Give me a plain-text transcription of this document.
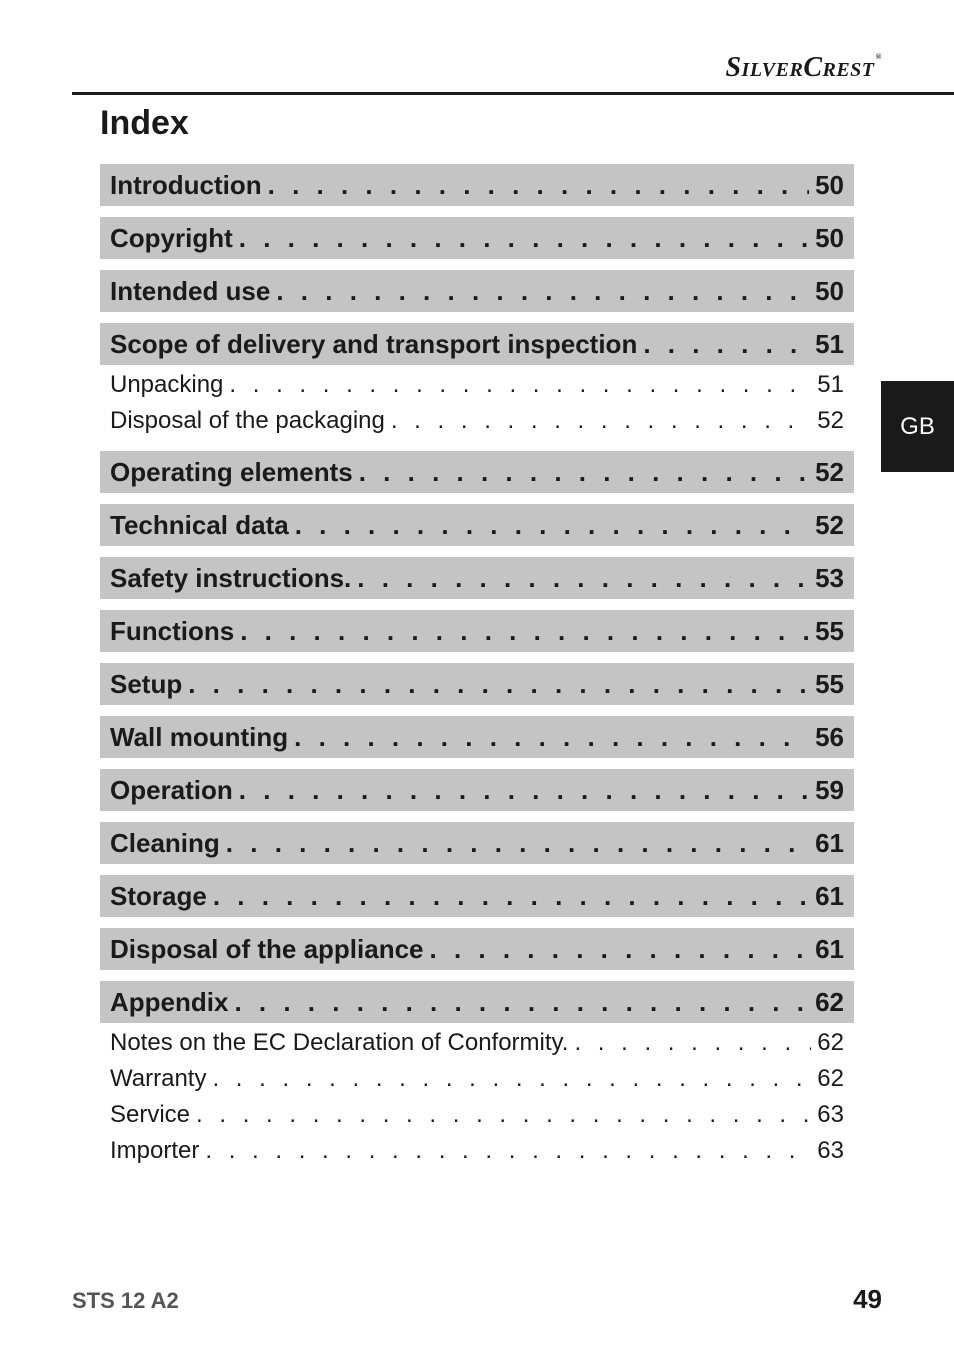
SilverCrest®
Index
Introduction . . .	50
Copyright . . .	50
Intended use . . .	50
Scope of delivery and transport inspection . . .	51
Unpacking . . .	51
Disposal of the packaging . . .	52
Operating elements . . .	52
Technical data . . .	52
Safety instructions. . . .	53
Functions . . .	55
Setup . . .	55
Wall mounting . . .	56
Operation . . .	59
Cleaning . . .	61
Storage . . .	61
Disposal of the appliance . . .	61
Appendix . . .	62
Notes on the EC Declaration of Conformity. . . .	62
Warranty . . .	62
Service . . .	63
Importer . . .	63
GB
STS 12 A2	49
